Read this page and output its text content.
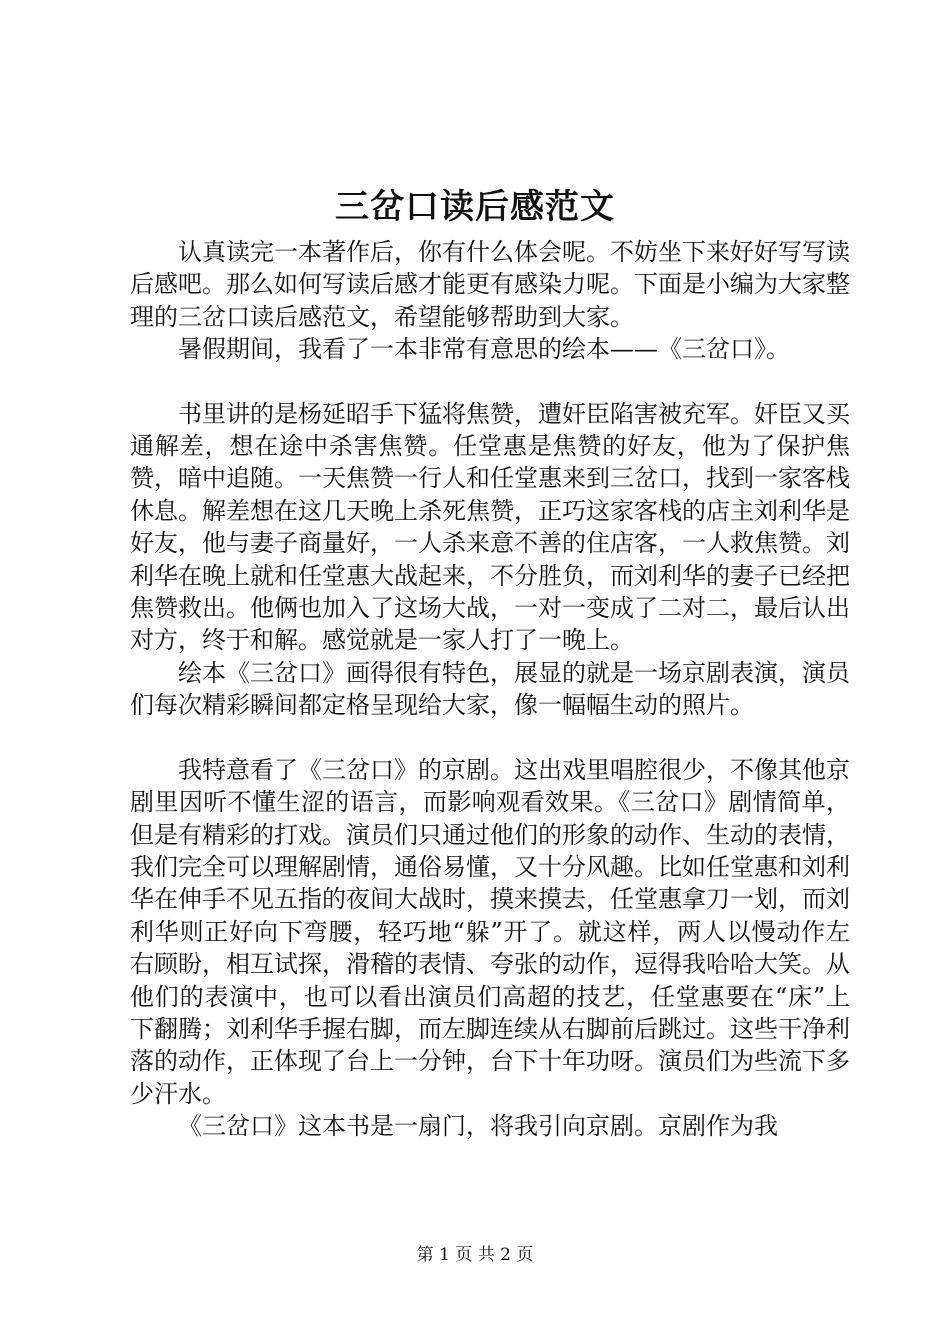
三岔口读后感范文

认真读完一本著作后，你有什么体会呢。不妨坐下来好好写写读后感吧。那么如何写读后感才能更有感染力呢。下面是小编为大家整理的三岔口读后感范文，希望能够帮助到大家。

暑假期间，我看了一本非常有意思的绘本——《三岔口》。

书里讲的是杨延昭手下猛将焦赞，遭奸臣陷害被充军。奸臣又买通解差，想在途中杀害焦赞。任堂惠是焦赞的好友，他为了保护焦赞，暗中追随。一天焦赞一行人和任堂惠来到三岔口，找到一家客栈休息。解差想在这几天晚上杀死焦赞，正巧这家客栈的店主刘利华是好友，他与妻子商量好，一人杀来意不善的住店客，一人救焦赞。刘利华在晚上就和任堂惠大战起来，不分胜负，而刘利华的妻子已经把焦赞救出。他俩也加入了这场大战，一对一变成了二对二，最后认出对方，终于和解。感觉就是一家人打了一晚上。

绘本《三岔口》画得很有特色，展显的就是一场京剧表演，演员们每次精彩瞬间都定格呈现给大家，像一幅幅生动的照片。

我特意看了《三岔口》的京剧。这出戏里唱腔很少，不像其他京剧里因听不懂生涩的语言，而影响观看效果。《三岔口》剧情简单，但是有精彩的打戏。演员们只通过他们的形象的动作、生动的表情，我们完全可以理解剧情，通俗易懂，又十分风趣。比如任堂惠和刘利华在伸手不见五指的夜间大战时，摸来摸去，任堂惠拿刀一划，而刘利华则正好向下弯腰，轻巧地“躲”开了。就这样，两人以慢动作左右顾盼，相互试探，滑稽的表情、夸张的动作，逗得我哈哈大笑。从他们的表演中，也可以看出演员们高超的技艺，任堂惠要在“床”上下翻腾；刘利华手握右脚，而左脚连续从右脚前后跳过。这些干净利落的动作，正体现了台上一分钟，台下十年功呀。演员们为些流下多少汗水。

《三岔口》这本书是一扇门，将我引向京剧。京剧作为我

第 1 页 共 2 页
